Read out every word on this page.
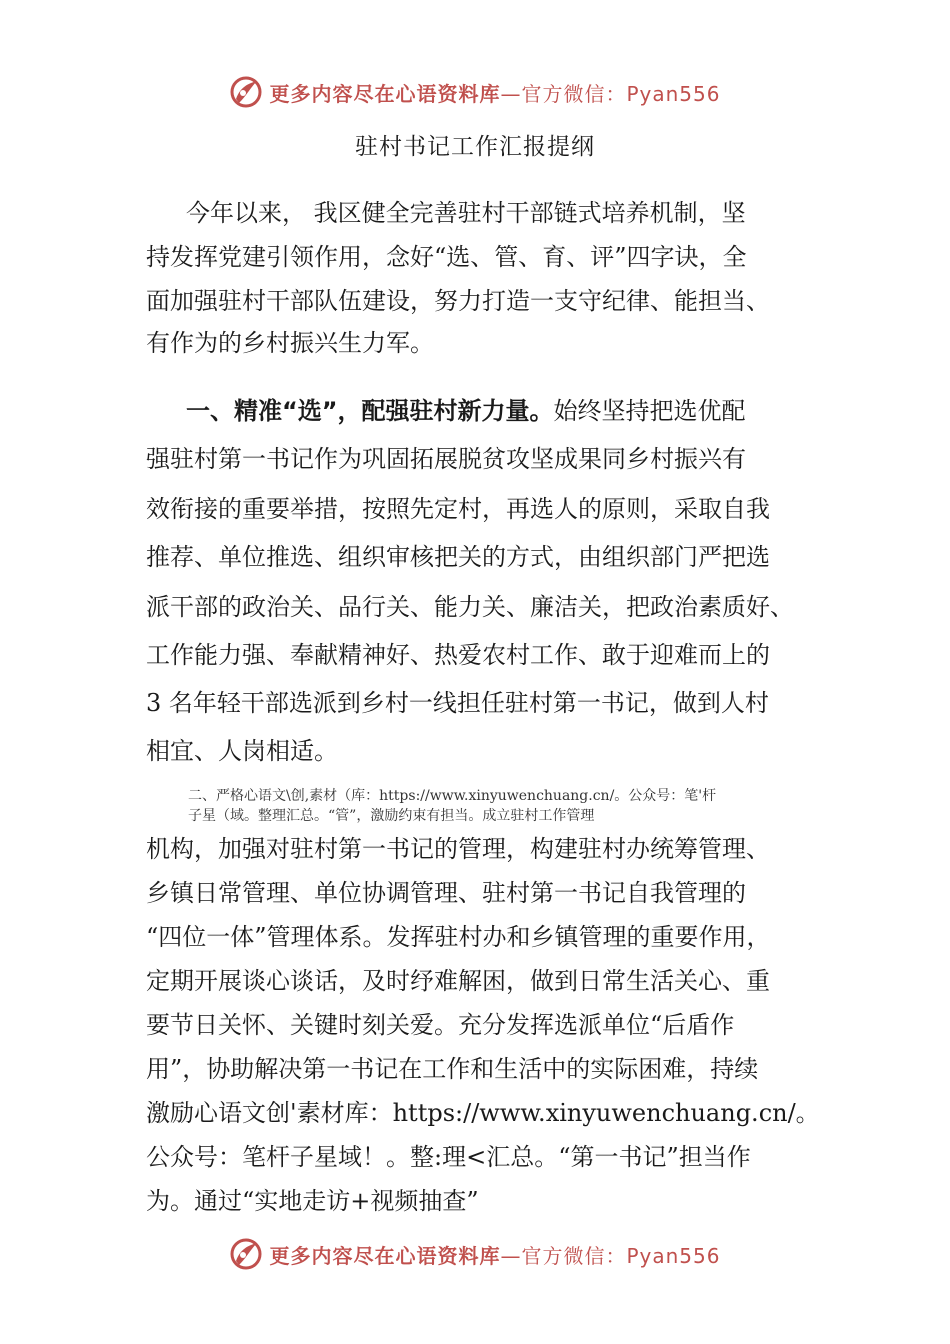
更多内容尽在心语资料库—官方微信：Pyan556
驻村书记工作汇报提纲
今年以来， 我区健全完善驻村干部链式培养机制，坚
持发挥党建引领作用，念好“选、管、育、评”四字诀，全
面加强驻村干部队伍建设，努力打造一支守纪律、能担当、
有作为的乡村振兴生力军。
一、精准“选”，配强驻村新力量。始终坚持把选优配
强驻村第一书记作为巩固拓展脱贫攻坚成果同乡村振兴有
效衔接的重要举措，按照先定村，再选人的原则，采取自我
推荐、单位推选、组织审核把关的方式，由组织部门严把选
派干部的政治关、品行关、能力关、廉洁关，把政治素质好、
工作能力强、奉献精神好、热爱农村工作、敢于迎难而上的
3 名年轻干部选派到乡村一线担任驻村第一书记，做到人村
相宜、人岗相适。
二、严格心语文\创,素材（库：https://www.xinyuwenchuang.cn/。公众号：笔'杆
子星（域。整理汇总。“管”，激励约束有担当。成立驻村工作管理
机构，加强对驻村第一书记的管理，构建驻村办统筹管理、
乡镇日常管理、单位协调管理、驻村第一书记自我管理的
“四位一体”管理体系。发挥驻村办和乡镇管理的重要作用，
定期开展谈心谈话，及时纾难解困，做到日常生活关心、重
要节日关怀、关键时刻关爱。充分发挥选派单位“后盾作
用”，协助解决第一书记在工作和生活中的实际困难，持续
激励心语文创'素材库：https://www.xinyuwenchuang.cn/。
公众号：笔杆子星域！。整:理<汇总。“第一书记”担当作
为。通过“实地走访+视频抽查”
更多内容尽在心语资料库—官方微信：Pyan556
